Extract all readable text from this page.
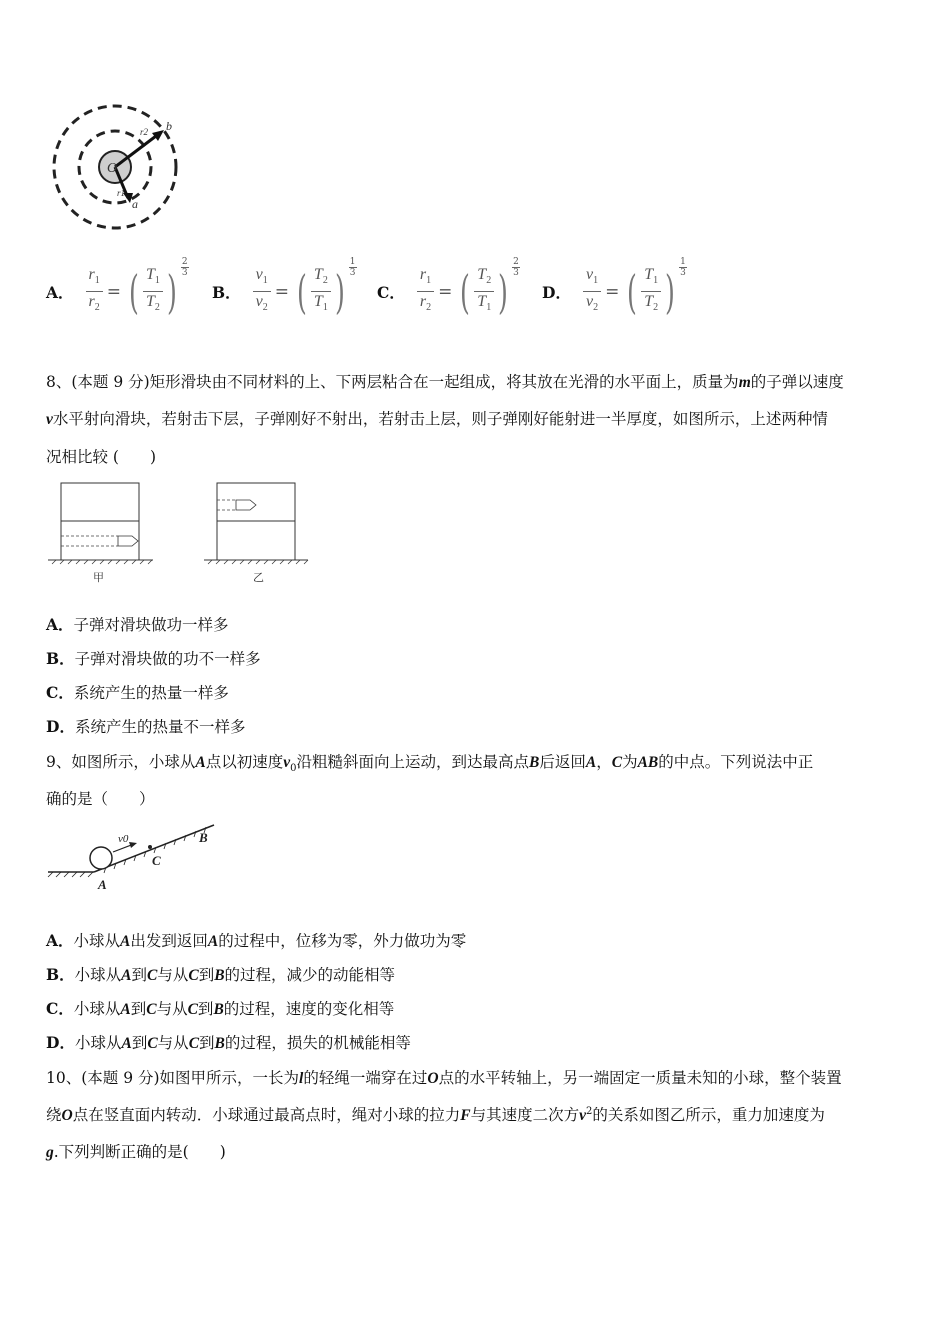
O
b
a
r2
r1
A． $\frac{r_1}{r_2}$ = ( $\frac{T_1}{T_2}$ )
2
3
B． $\frac{v_1}{v_2}$ = ( $\frac{T_2}{T_1}$ )
1
3
C． $\frac{r_1}{r_2}$ = ( $\frac{T_2}{T_1}$ )
2
3
D． $\frac{v_1}{v_2}$ = ( $\frac{T_1}{T_2}$ )
1
3
8、(本题 9 分)矩形滑块由不同材料的上、下两层粘合在一起组成，将其放在光滑的水平面上，质量为m的子弹以速度
v水平射向滑块，若射击下层，子弹刚好不射出，若射击上层，则子弹刚好能射进一半厚度，如图所示，上述两种情
况相比较 (　　)
甲	乙
A．子弹对滑块做功一样多
B．子弹对滑块做的功不一样多
C．系统产生的热量一样多
D．系统产生的热量不一样多
9、如图所示，小球从A点以初速度$v_0$沿粗糙斜面向上运动，到达最高点B后返回A，C为AB的中点。下列说法中正
确的是（　　）
v0
A
C
B
A．小球从A出发到返回A的过程中，位移为零，外力做功为零
B．小球从A到C与从C到B的过程，减少的动能相等
C．小球从A到C与从C到B的过程，速度的变化相等
D．小球从A到C与从C到B的过程，损失的机械能相等
10、(本题 9 分)如图甲所示，一长为l的轻绳一端穿在过O点的水平转轴上，另一端固定一质量未知的小球，整个装置
绕O点在竖直面内转动．小球通过最高点时，绳对小球的拉力F与其速度二次方$v^2$的关系如图乙所示，重力加速度为
g.下列判断正确的是(　　)
